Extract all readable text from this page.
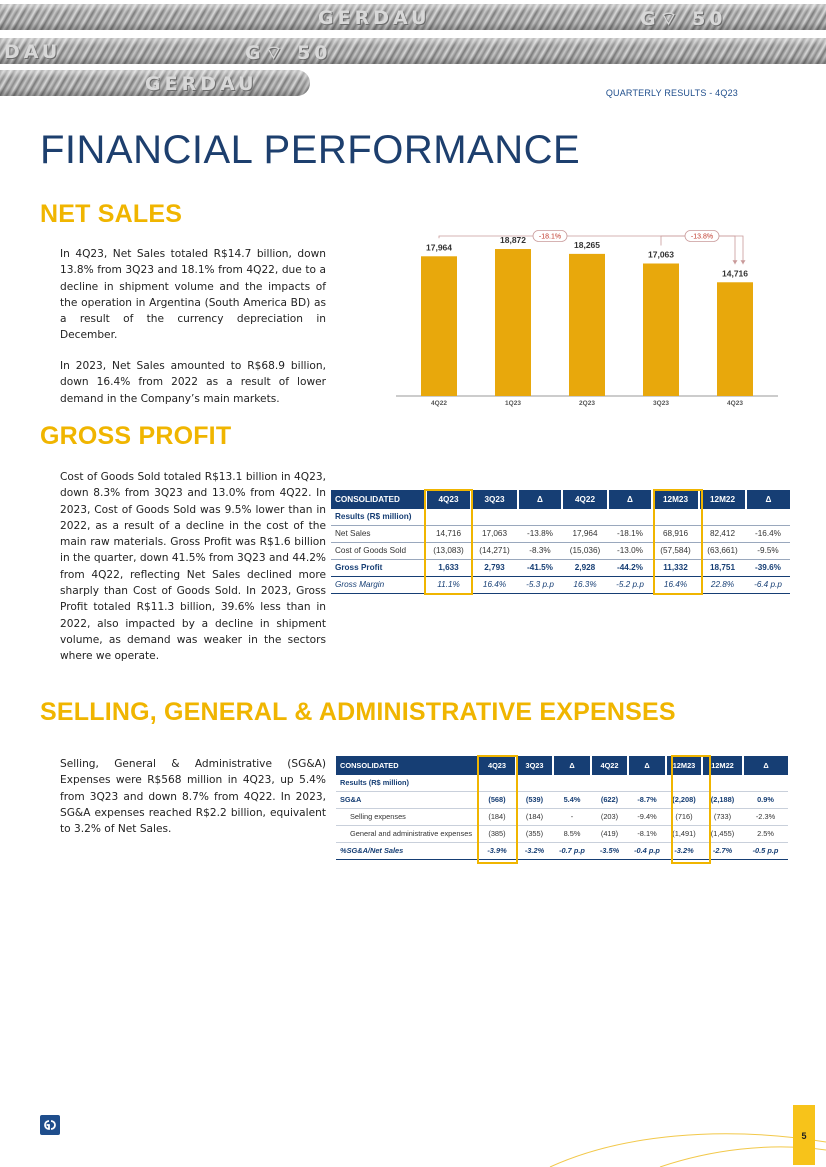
GERDAU	G⌔ 50
DAU	G⌔ 50
GERDAU	QUARTERLY RESULTS - 4Q23
FINANCIAL PERFORMANCE
NET SALES

In 4Q23, Net Sales totaled R$14.7 billion, down 13.8% from 3Q23 and 18.1% from 4Q22, due to a decline in shipment volume and the impacts of the operation in Argentina (South America BD) as a result of the currency depreciation in December.

In 2023, Net Sales amounted to R$68.9 billion, down 16.4% from 2022 as a result of lower demand in the Company’s main markets.

17,964
4Q22
18,872
1Q23
18,265
2Q23
17,063
3Q23
14,716
4Q23
-18.1%	-13.8%
GROSS PROFIT

Cost of Goods Sold totaled R$13.1 billion in 4Q23, down 8.3% from 3Q23 and 13.0% from 4Q22. In 2023, Cost of Goods Sold was 9.5% lower than in 2022, as a result of a decline in the cost of the main raw materials. Gross Profit was R$1.6 billion in the quarter, down 41.5% from 3Q23 and 44.2% from 4Q22, reflecting Net Sales declined more sharply than Cost of Goods Sold. In 2023, Gross Profit totaled R$11.3 billion, 39.6% less than in 2022, also impacted by a decline in shipment volume, as demand was weaker in the sectors where we operate.

CONSOLIDATED	4Q23	3Q23	Δ	4Q22	Δ	12M23	12M22	Δ
Results (R$ million)								
Net Sales	14,716	17,063	-13.8%	17,964	-18.1%	68,916	82,412	-16.4%
Cost of Goods Sold	(13,083)	(14,271)	-8.3%	(15,036)	-13.0%	(57,584)	(63,661)	-9.5%
Gross Profit	1,633	2,793	-41.5%	2,928	-44.2%	11,332	18,751	-39.6%
Gross Margin	11.1%	16.4%	-5.3 p.p	16.3%	-5.2 p.p	16.4%	22.8%	-6.4 p.p
SELLING, GENERAL & ADMINISTRATIVE EXPENSES

Selling, General & Administrative (SG&A) Expenses were R$568 million in 4Q23, up 5.4% from 3Q23 and down 8.7% from 4Q22. In 2023, SG&A expenses reached R$2.2 billion, equivalent to 3.2% of Net Sales.

CONSOLIDATED	4Q23	3Q23	Δ	4Q22	Δ	12M23	12M22	Δ
Results (R$ million)								
SG&A	(568)	(539)	5.4%	(622)	-8.7%	(2,208)	(2,188)	0.9%
Selling expenses	(184)	(184)	-	(203)	-9.4%	(716)	(733)	-2.3%
General and administrative expenses	(385)	(355)	8.5%	(419)	-8.1%	(1,491)	(1,455)	2.5%
%SG&A/Net Sales	-3.9%	-3.2%	-0.7 p.p	-3.5%	-0.4 p.p	-3.2%	-2.7%	-0.5 p.p
5
